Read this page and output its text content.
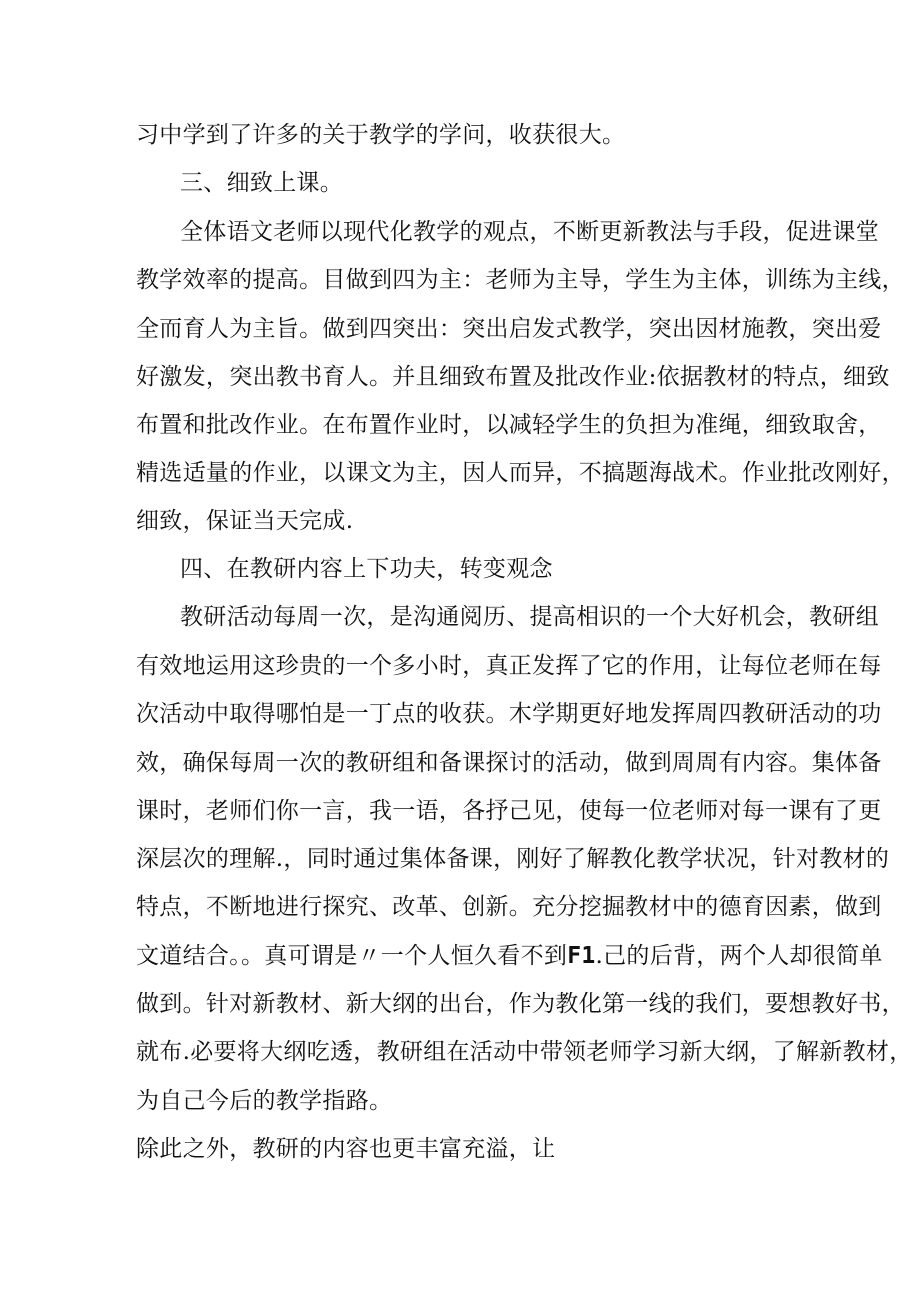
习中学到了许多的关于教学的学问，收获很大。
三、细致上课。
全体语文老师以现代化教学的观点，不断更新教法与手段，促进课堂
教学效率的提高。目做到四为主：老师为主导，学生为主体，训练为主线，
全而育人为主旨。做到四突出：突出启发式教学，突出因材施教，突出爱
好激发，突出教书育人。并且细致布置及批改作业:依据教材的特点，细致
布置和批改作业。在布置作业时，以减轻学生的负担为准绳，细致取舍，
精选适量的作业，以课文为主，因人而异，不搞题海战术。作业批改刚好，
细致，保证当天完成.
四、在教研内容上下功夫，转变观念
教研活动每周一次，是沟通阅历、提高相识的一个大好机会，教研组
有效地运用这珍贵的一个多小时，真正发挥了它的作用，让每位老师在每
次活动中取得哪怕是一丁点的收获。木学期更好地发挥周四教研活动的功
效，确保每周一次的教研组和备课探讨的活动，做到周周有内容。集体备
课时，老师们你一言，我一语，各抒己见，使每一位老师对每一课有了更
深层次的理解.，同时通过集体备课，刚好了解教化教学状况，针对教材的
特点，不断地进行探究、改革、创新。充分挖掘教材中的德育因素，做到
文道结合。。真可谓是〃一个人恒久看不到F1.己的后背，两个人却很简单
做到。针对新教材、新大纲的出台，作为教化第一线的我们，要想教好书，
就布.必要将大纲吃透，教研组在活动中带领老师学习新大纲，了解新教材，
为自己今后的教学指路。
除此之外，教研的内容也更丰富充溢，让
